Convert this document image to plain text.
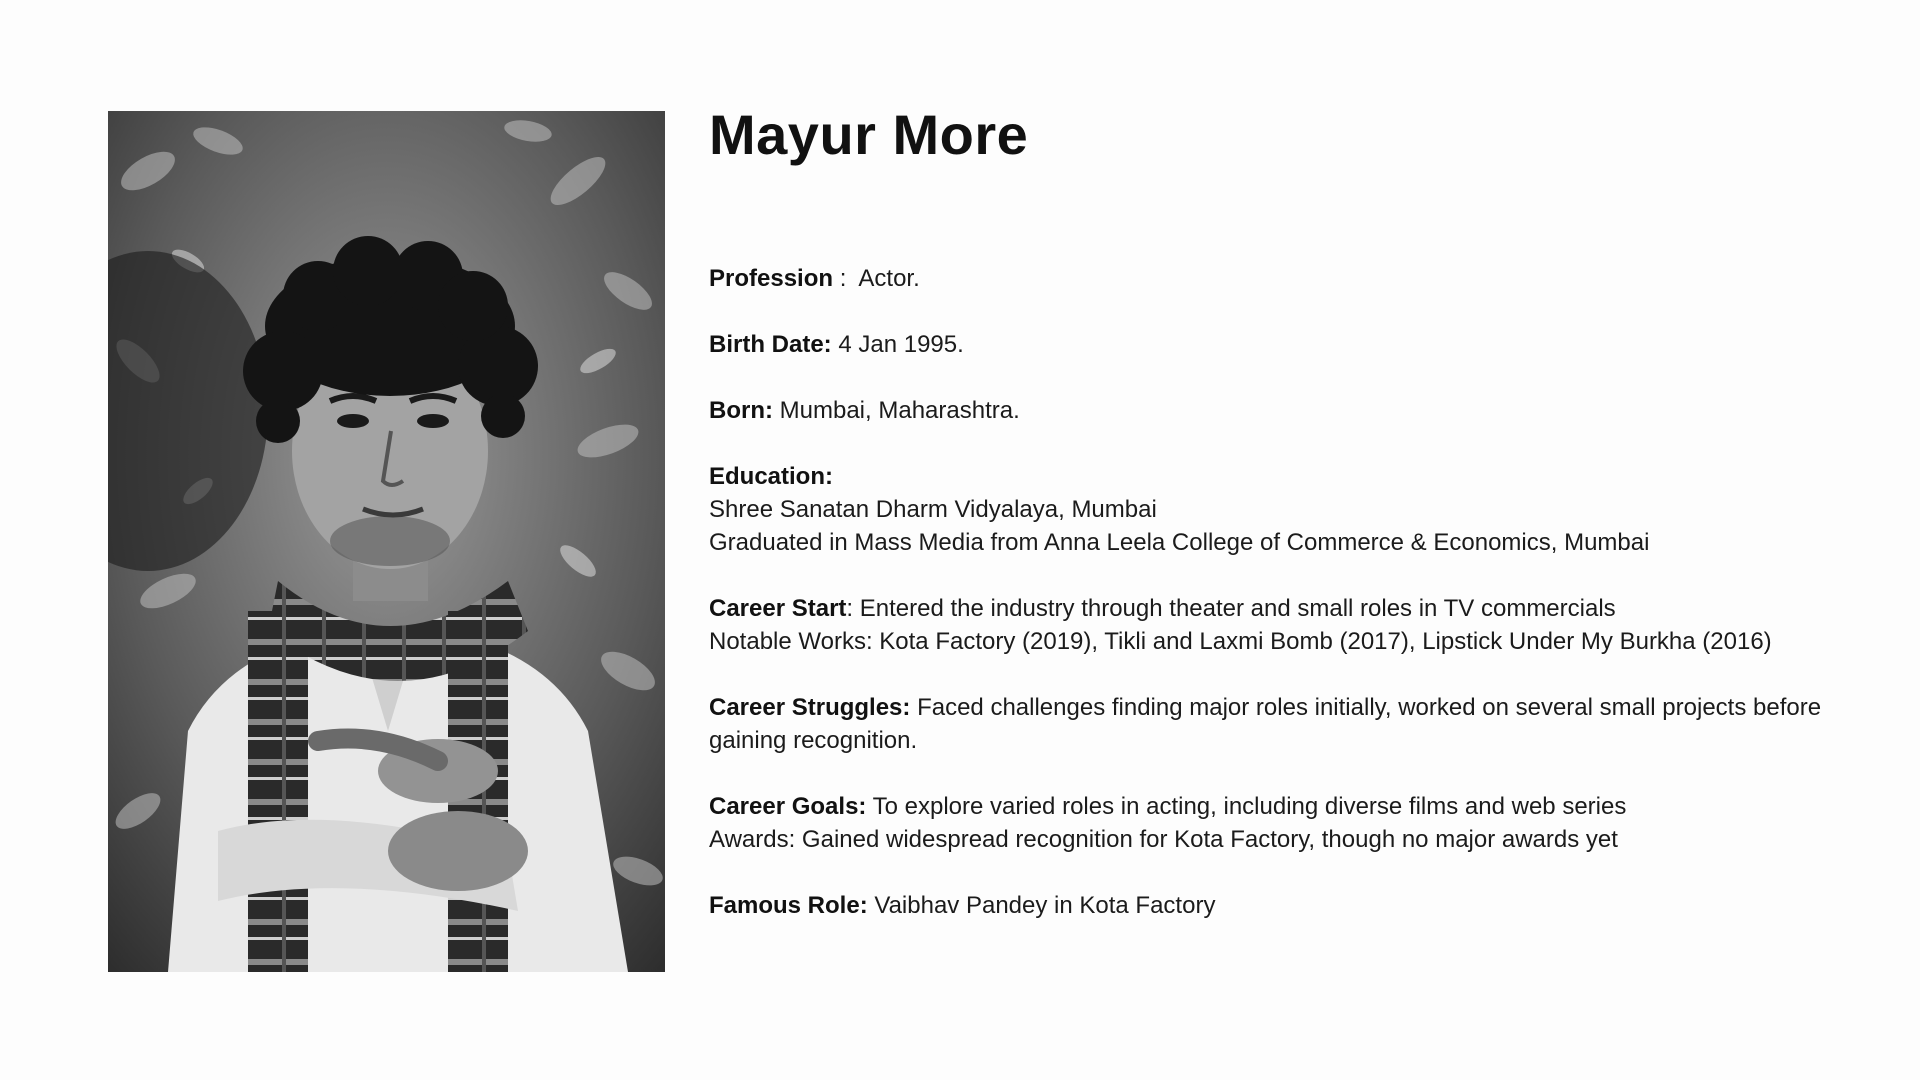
Mayur More

Profession :  Actor.

Birth Date: 4 Jan 1995.

Born: Mumbai, Maharashtra.

Education:
Shree Sanatan Dharm Vidyalaya, Mumbai
Graduated in Mass Media from Anna Leela College of Commerce & Economics, Mumbai

Career Start: Entered the industry through theater and small roles in TV commercials
Notable Works: Kota Factory (2019), Tikli and Laxmi Bomb (2017), Lipstick Under My Burkha (2016)

Career Struggles: Faced challenges finding major roles initially, worked on several small projects before gaining recognition.

Career Goals: To explore varied roles in acting, including diverse films and web series
Awards: Gained widespread recognition for Kota Factory, though no major awards yet

Famous Role: Vaibhav Pandey in Kota Factory
